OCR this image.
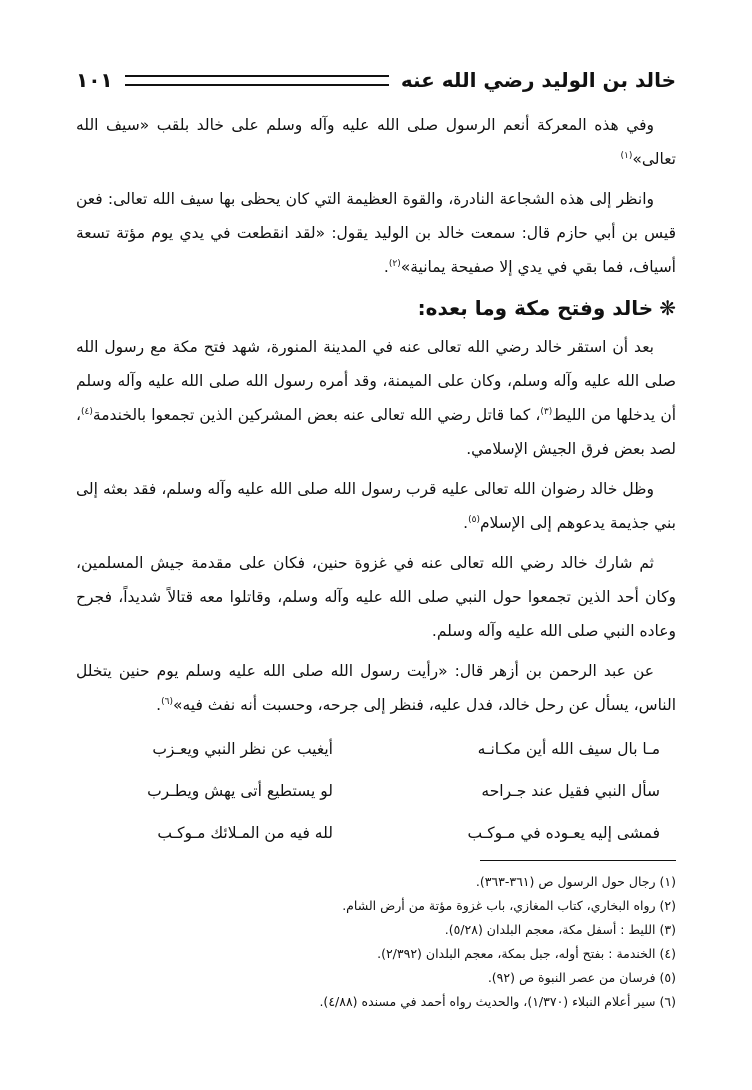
خالد بن الوليد رضي الله عنه
١٠١

وفي هذه المعركة أنعم الرسول صلى الله عليه وآله وسلم على خالد بلقب «سيف الله تعالى»$^{(١)}$

وانظر إلى هذه الشجاعة النادرة، والقوة العظيمة التي كان يحظى بها سيف الله تعالى: فعن قيس بن أبي حازم قال: سمعت خالد بن الوليد يقول: «لقد انقطعت في يدي يوم مؤتة تسعة أسياف، فما بقي في يدي إلا صفيحة يمانية»$^{(٢)}$.

❋خالد وفتح مكة وما بعده:

بعد أن استقر خالد رضي الله تعالى عنه في المدينة المنورة، شهد فتح مكة مع رسول الله صلى الله عليه وآله وسلم، وكان على الميمنة، وقد أمره رسول الله صلى الله عليه وآله وسلم أن يدخلها من الليط$^{(٣)}$، كما قاتل رضي الله تعالى عنه بعض المشركين الذين تجمعوا بالخندمة$^{(٤)}$، لصد بعض فرق الجيش الإسلامي.

وظل خالد رضوان الله تعالى عليه قرب رسول الله صلى الله عليه وآله وسلم، فقد بعثه إلى بني جذيمة يدعوهم إلى الإسلام$^{(٥)}$.

ثم شارك خالد رضي الله تعالى عنه في غزوة حنين، فكان على مقدمة جيش المسلمين، وكان أحد الذين تجمعوا حول النبي صلى الله عليه وآله وسلم، وقاتلوا معه قتالاً شديداً، فجرح وعاده النبي صلى الله عليه وآله وسلم.

عن عبد الرحمن بن أزهر قال: «رأيت رسول الله صلى الله عليه وسلم يوم حنين يتخلل الناس، يسأل عن رحل خالد، فدل عليه، فنظر إلى جرحه، وحسبت أنه نفث فيه»$^{(٦)}$.

مـا بال سيف الله أين مكـانـه
أيغيب عن نظر النبي ويعـزب
سأل النبي فقيل عند جـراحه
لو يستطيع أتى يهش ويطـرب
فمشى إليه يعـوده في مـوكـب
لله فيه من المـلائك مـوكـب
(١) رجال حول الرسول ص (٣٦١-٣٦٣).
(٢) رواه البخاري، كتاب المغازي، باب غزوة مؤتة من أرض الشام.
(٣) الليط : أسفل مكة، معجم البلدان (٥/٢٨).
(٤) الخندمة : بفتح أوله، جبل بمكة، معجم البلدان (٢/٣٩٢).
(٥) فرسان من عصر النبوة ص (٩٢).
(٦) سير أعلام النبلاء (١/٣٧٠)، والحديث رواه أحمد في مسنده (٤/٨٨).
